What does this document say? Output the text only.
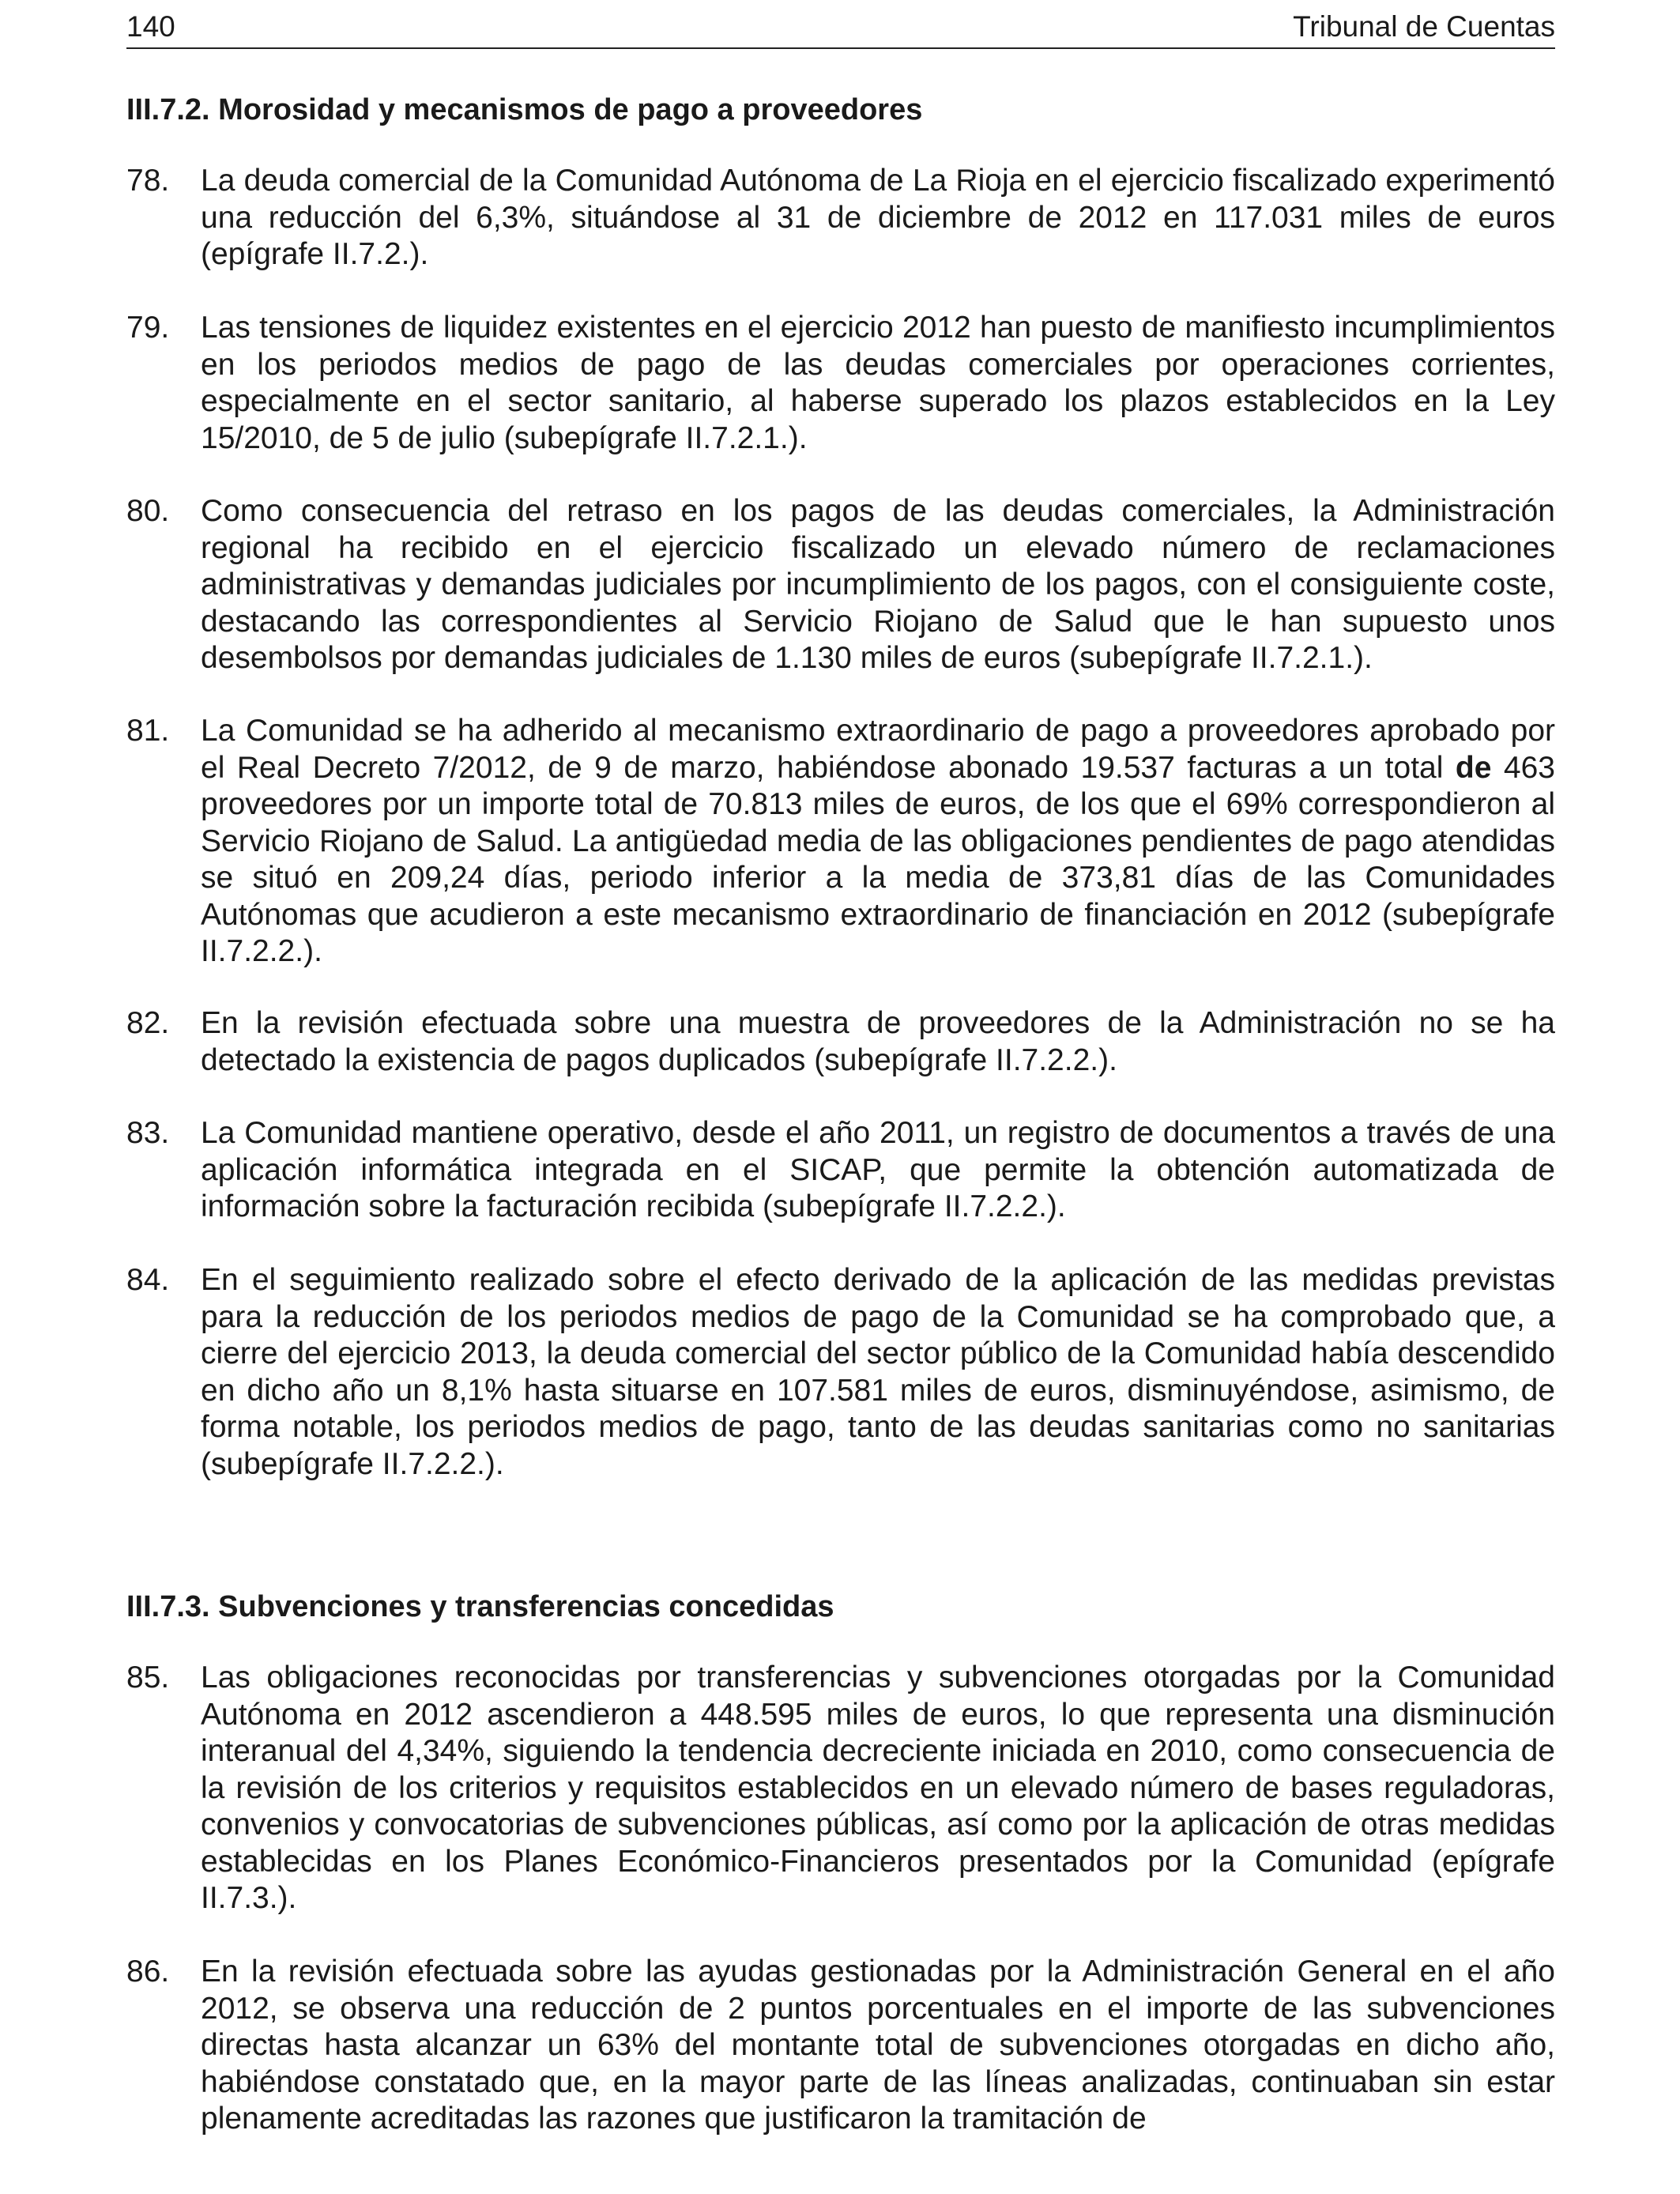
140	Tribunal de Cuentas
III.7.2. Morosidad y mecanismos de pago a proveedores
78.	La deuda comercial de la Comunidad Autónoma de La Rioja en el ejercicio fiscalizado experimentó una reducción del 6,3%, situándose al 31 de diciembre de 2012 en 117.031 miles de euros (epígrafe II.7.2.).
79.	Las tensiones de liquidez existentes en el ejercicio 2012 han puesto de manifiesto incumplimientos en los periodos medios de pago de las deudas comerciales por operaciones corrientes, especialmente en el sector sanitario, al haberse superado los plazos establecidos en la Ley 15/2010, de 5 de julio (subepígrafe II.7.2.1.).
80.	Como consecuencia del retraso en los pagos de las deudas comerciales, la Administración regional ha recibido en el ejercicio fiscalizado un elevado número de reclamaciones administrativas y demandas judiciales por incumplimiento de los pagos, con el consiguiente coste, destacando las correspondientes al Servicio Riojano de Salud que le han supuesto unos desembolsos por demandas judiciales de 1.130 miles de euros (subepígrafe II.7.2.1.).
81.	La Comunidad se ha adherido al mecanismo extraordinario de pago a proveedores aprobado por el Real Decreto 7/2012, de 9 de marzo, habiéndose abonado 19.537 facturas a un total de 463 proveedores por un importe total de 70.813 miles de euros, de los que el 69% correspondieron al Servicio Riojano de Salud. La antigüedad media de las obligaciones pendientes de pago atendidas se situó en 209,24 días, periodo inferior a la media de 373,81 días de las Comunidades Autónomas que acudieron a este mecanismo extraordinario de financiación en 2012 (subepígrafe II.7.2.2.).
82.	En la revisión efectuada sobre una muestra de proveedores de la Administración no se ha detectado la existencia de pagos duplicados (subepígrafe II.7.2.2.).
83.	La Comunidad mantiene operativo, desde el año 2011, un registro de documentos a través de una aplicación informática integrada en el SICAP, que permite la obtención automatizada de información sobre la facturación recibida (subepígrafe II.7.2.2.).
84.	En el seguimiento realizado sobre el efecto derivado de la aplicación de las medidas previstas para la reducción de los periodos medios de pago de la Comunidad se ha comprobado que, a cierre del ejercicio 2013, la deuda comercial del sector público de la Comunidad había descendido en dicho año un 8,1% hasta situarse en 107.581 miles de euros, disminuyéndose, asimismo, de forma notable, los periodos medios de pago, tanto de las deudas sanitarias como no sanitarias (subepígrafe II.7.2.2.).
III.7.3. Subvenciones y transferencias concedidas
85.	Las obligaciones reconocidas por transferencias y subvenciones otorgadas por la Comunidad Autónoma en 2012 ascendieron a 448.595 miles de euros, lo que representa una disminución interanual del 4,34%, siguiendo la tendencia decreciente iniciada en 2010, como consecuencia de la revisión de los criterios y requisitos establecidos en un elevado número de bases reguladoras, convenios y convocatorias de subvenciones públicas, así como por la aplicación de otras medidas establecidas en los Planes Económico-Financieros presentados por la Comunidad (epígrafe II.7.3.).
86.	En la revisión efectuada sobre las ayudas gestionadas por la Administración General en el año 2012, se observa una reducción de 2 puntos porcentuales en el importe de las subvenciones directas hasta alcanzar un 63% del montante total de subvenciones otorgadas en dicho año, habiéndose constatado que, en la mayor parte de las líneas analizadas, continuaban sin estar plenamente acreditadas las razones que justificaron la tramitación de
